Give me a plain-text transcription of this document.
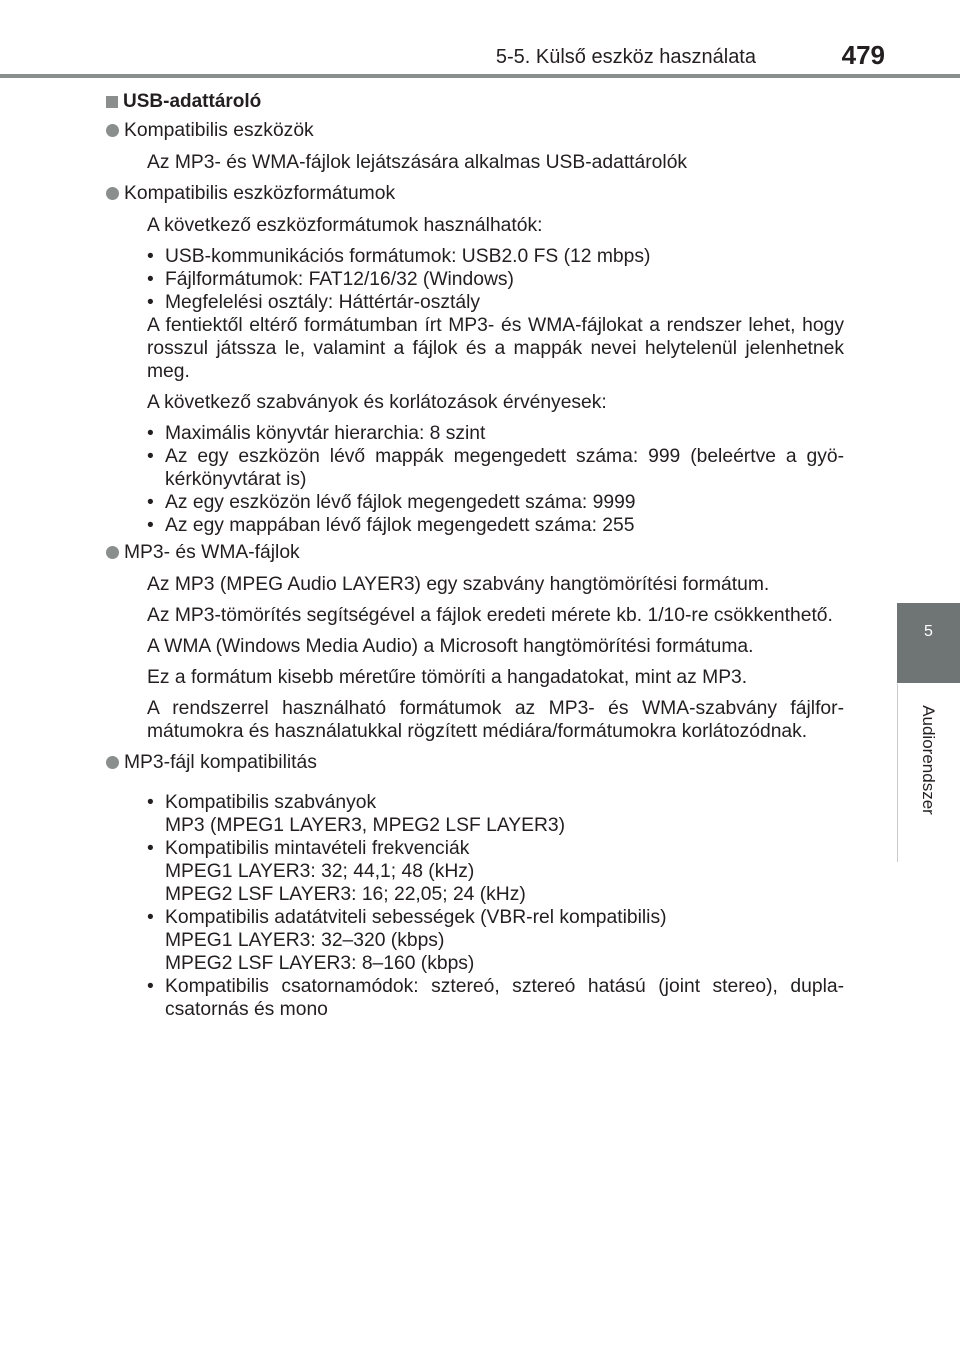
5-5. Külső eszköz használata	479
5
Audiorendszer
USB-adattároló
Kompatibilis eszközök
Az MP3- és WMA-fájlok lejátszására alkalmas USB-adattárolók
Kompatibilis eszközformátumok
A következő eszközformátumok használhatók:
• USB-kommunikációs formátumok: USB2.0 FS (12 mbps)
• Fájlformátumok: FAT12/16/32 (Windows)
• Megfelelési osztály: Háttértár-osztály
A fentiektől eltérő formátumban írt MP3- és WMA-fájlokat a rendszer lehet, hogy rosszul játssza le, valamint a fájlok és a mappák nevei helytelenül jelenhetnek meg.
A következő szabványok és korlátozások érvényesek:
• Maximális könyvtár hierarchia: 8 szint
• Az egy eszközön lévő mappák megengedett száma: 999 (beleértve a gyökérkönyvtárat is)
• Az egy eszközön lévő fájlok megengedett száma: 9999
• Az egy mappában lévő fájlok megengedett száma: 255
MP3- és WMA-fájlok
Az MP3 (MPEG Audio LAYER3) egy szabvány hangtömörítési formátum.
Az MP3-tömörítés segítségével a fájlok eredeti mérete kb. 1/10-re csökkenthető.
A WMA (Windows Media Audio) a Microsoft hangtömörítési formátuma.
Ez a formátum kisebb méretűre tömöríti a hangadatokat, mint az MP3.
A rendszerrel használható formátumok az MP3- és WMA-szabvány fájlformátumokra és használatukkal rögzített médiára/formátumokra korlátozódnak.
MP3-fájl kompatibilitás
• Kompatibilis szabványok
MP3 (MPEG1 LAYER3, MPEG2 LSF LAYER3)
• Kompatibilis mintavételi frekvenciák
MPEG1 LAYER3: 32; 44,1; 48 (kHz)
MPEG2 LSF LAYER3: 16; 22,05; 24 (kHz)
• Kompatibilis adatátviteli sebességek (VBR-rel kompatibilis)
MPEG1 LAYER3: 32–320 (kbps)
MPEG2 LSF LAYER3: 8–160 (kbps)
• Kompatibilis csatornamódok: sztereó, sztereó hatású (joint stereo), duplacsatornás és mono
